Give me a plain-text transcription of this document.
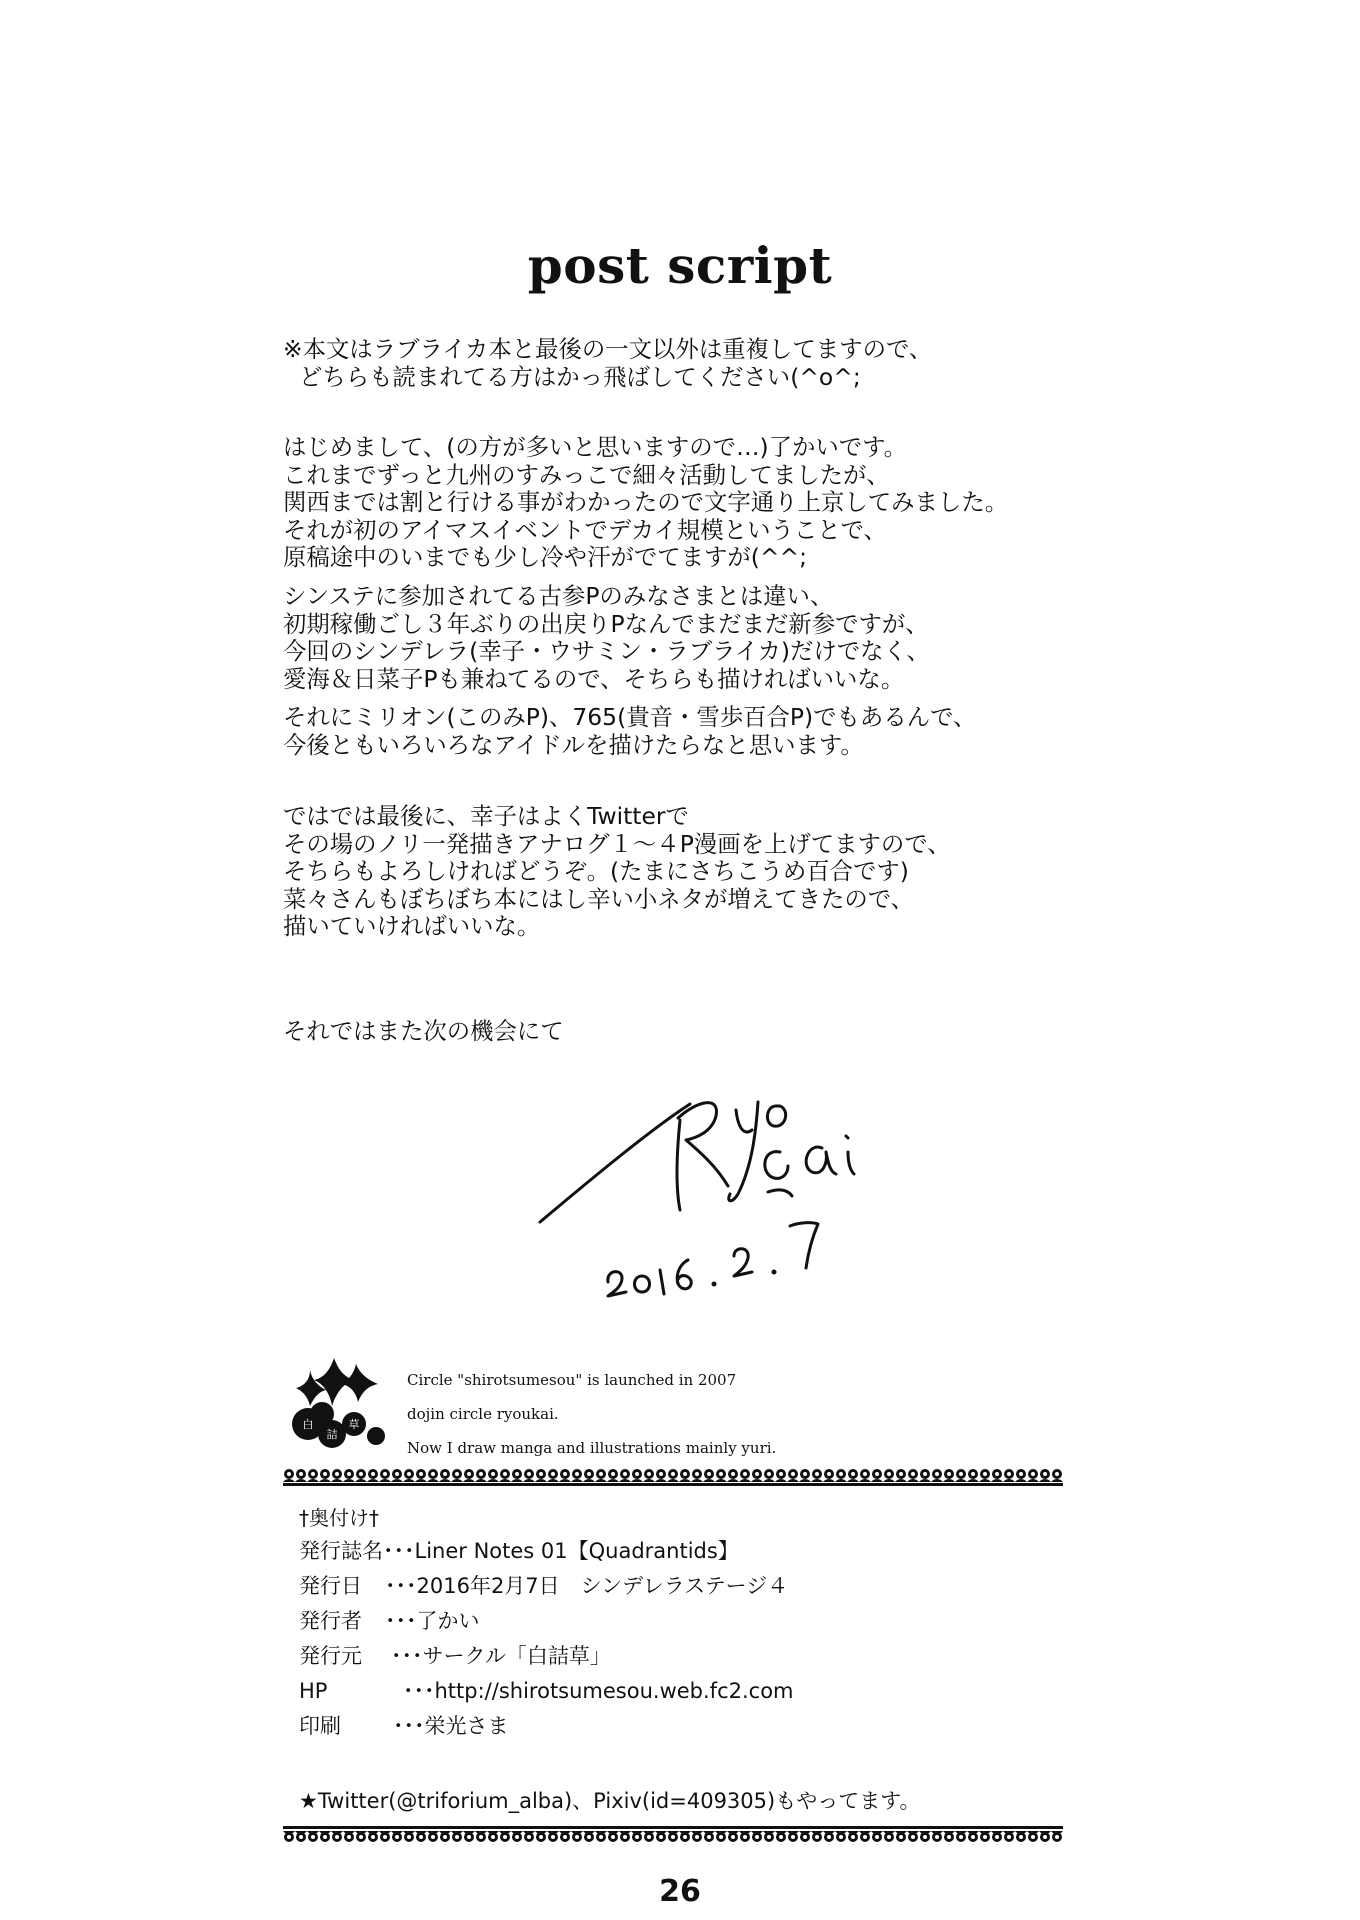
post script

※本文はラブライカ本と最後の一文以外は重複してますので、
どちらも読まれてる方はかっ飛ばしてください(^o^;

はじめまして、(の方が多いと思いますので…)了かいです。
これまでずっと九州のすみっこで細々活動してましたが、
関西までは割と行ける事がわかったので文字通り上京してみました。
それが初のアイマスイベントでデカイ規模ということで、
原稿途中のいまでも少し冷や汗がでてますが(^^;

シンステに参加されてる古参Pのみなさまとは違い、
初期稼働ごし３年ぶりの出戻りPなんでまだまだ新参ですが、
今回のシンデレラ(幸子・ウサミン・ラブライカ)だけでなく、
愛海＆日菜子Pも兼ねてるので、そちらも描ければいいな。

それにミリオン(このみP)、765(貴音・雪歩百合P)でもあるんで、
今後ともいろいろなアイドルを描けたらなと思います。

ではでは最後に、幸子はよくTwitterで
その場のノリ一発描きアナログ１～４P漫画を上げてますので、
そちらもよろしければどうぞ。(たまにさちこうめ百合です)
菜々さんもぼちぼち本にはし辛い小ネタが増えてきたので、
描いていければいいな。

それではまた次の機会にて

白
詰
草

Circle "shirotsumesou" is launched in 2007
dojin circle ryoukai.
Now I draw manga and illustrations mainly yuri.

†奥付け†
発行誌名 ･･･Liner Notes 01【Quadrantids】
発行日 ･･･2016年2月7日　シンデレラステージ４
発行者 ･･･了かい
発行元 ･･･サークル「白詰草」
HP	･･･http://shirotsumesou.web.fc2.com
印刷 ･･･栄光さま

★Twitter(@triforium_alba)、Pixiv(id=409305)もやってます。

26
